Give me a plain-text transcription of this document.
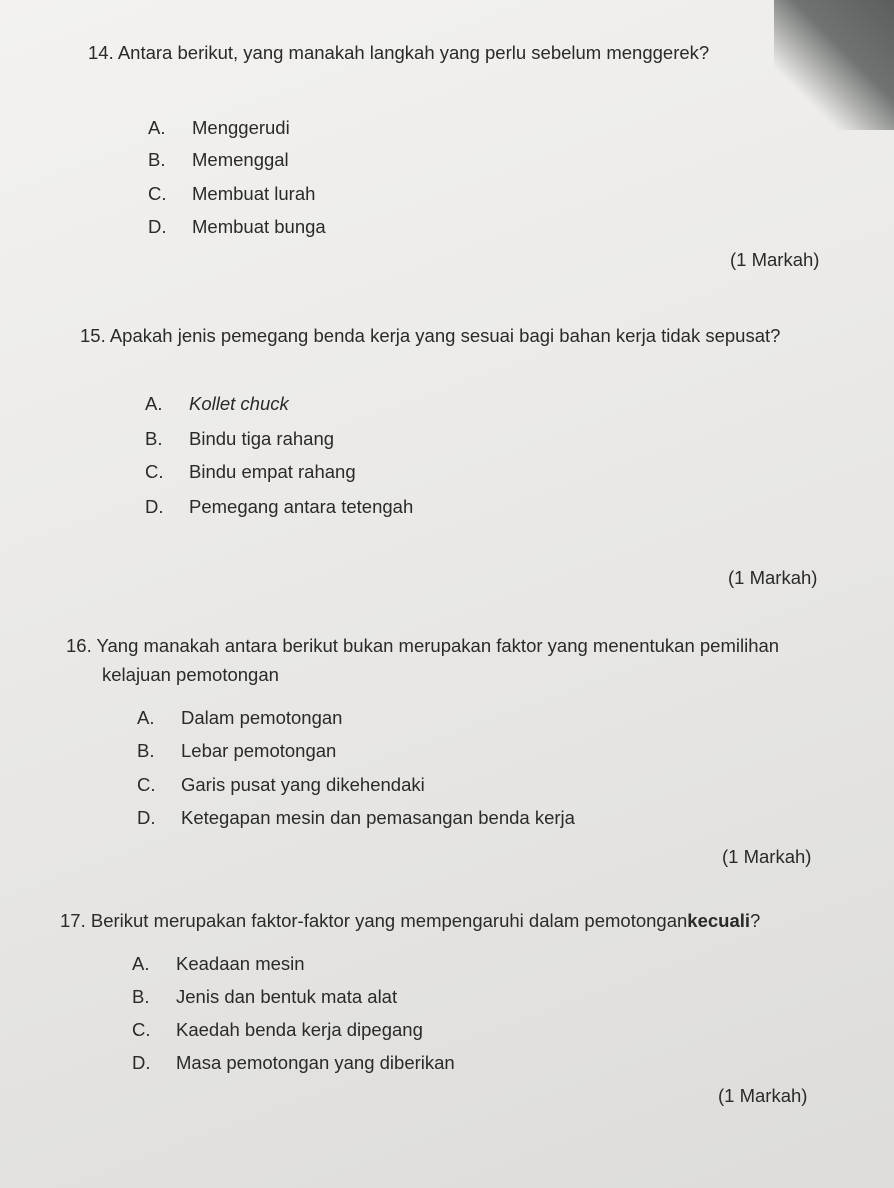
14. Antara berikut, yang manakah langkah yang perlu sebelum menggerek?
A. Menggerudi
B. Memenggal
C. Membuat lurah
D. Membuat bunga
(1 Markah)
15. Apakah jenis pemegang benda kerja yang sesuai bagi bahan kerja tidak sepusat?
A. Kollet chuck
B. Bindu tiga rahang
C. Bindu empat rahang
D. Pemegang antara tetengah
(1 Markah)
16. Yang manakah antara berikut bukan merupakan faktor yang menentukan pemilihan
kelajuan pemotongan
A. Dalam pemotongan
B. Lebar pemotongan
C. Garis pusat yang dikehendaki
D. Ketegapan mesin dan pemasangan benda kerja
(1 Markah)
17. Berikut merupakan faktor-faktor yang mempengaruhi dalam pemotongankecuali?
A. Keadaan mesin
B. Jenis dan bentuk mata alat
C. Kaedah benda kerja dipegang
D. Masa pemotongan yang diberikan
(1 Markah)
